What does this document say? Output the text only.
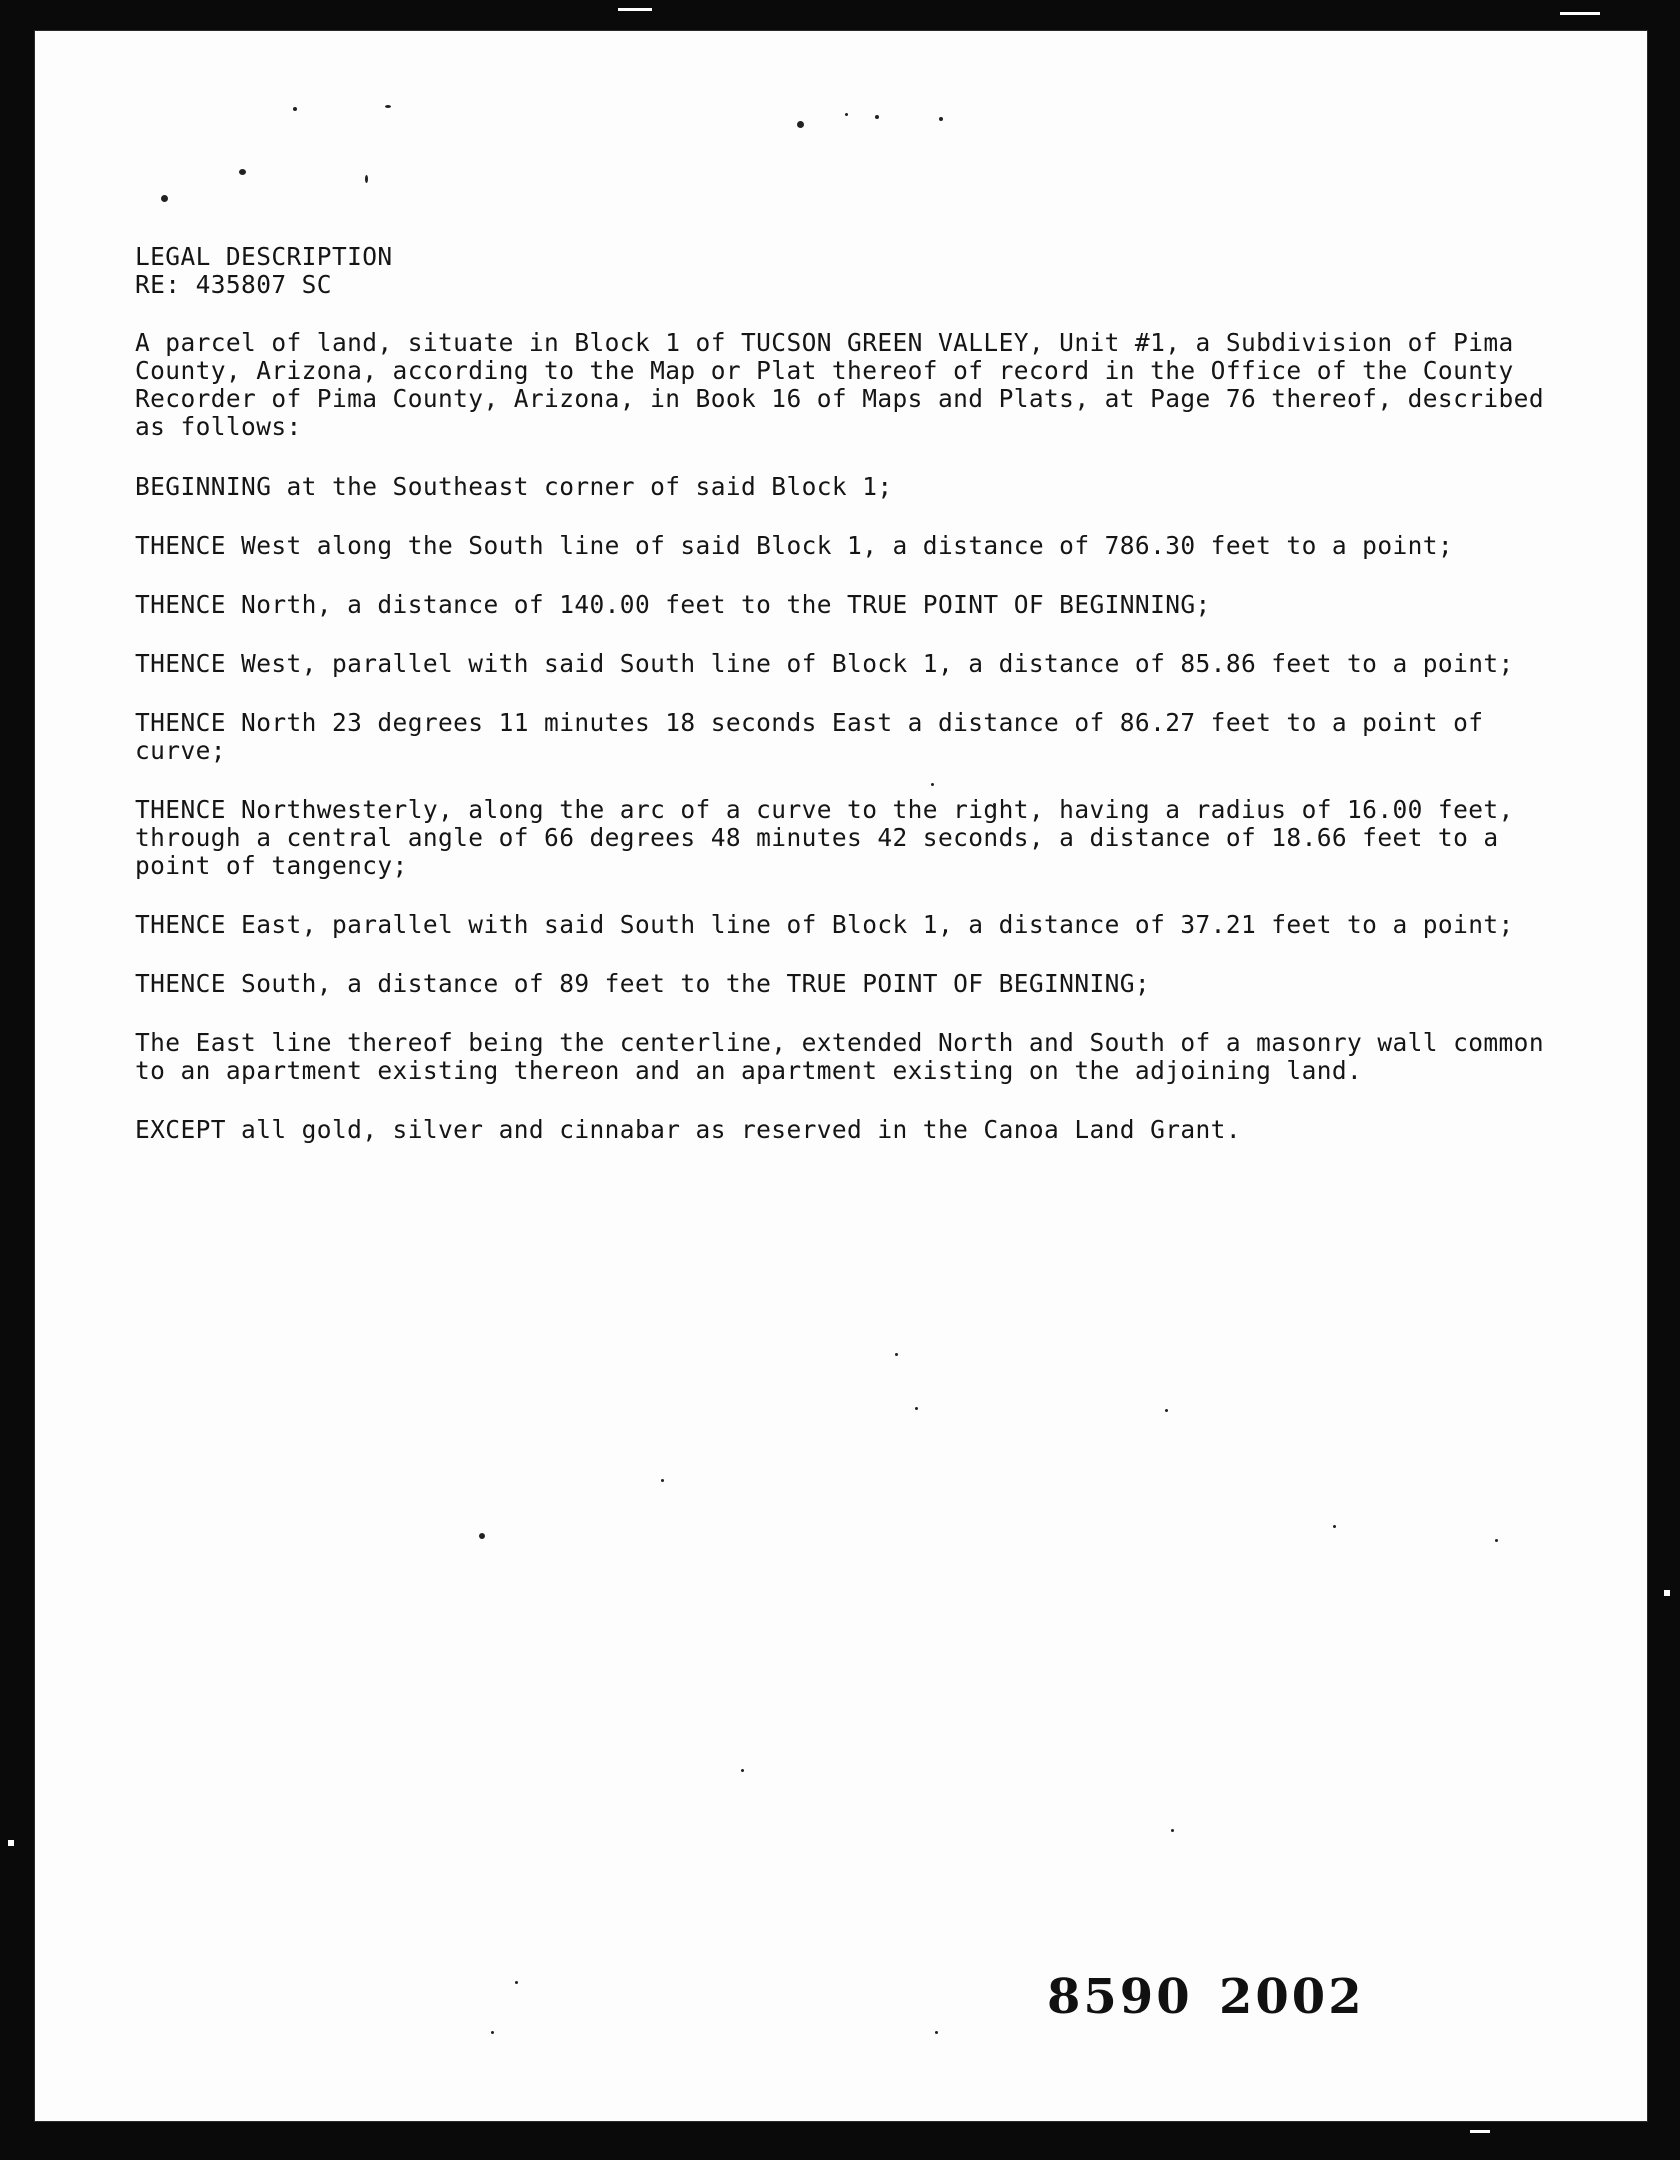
LEGAL DESCRIPTION
RE: 435807 SC

A parcel of land, situate in Block 1 of TUCSON GREEN VALLEY, Unit #1, a Subdivision of Pima County, Arizona, according to the Map or Plat thereof of record in the Office of the County Recorder of Pima County, Arizona, in Book 16 of Maps and Plats, at Page 76 thereof, described as follows:

BEGINNING at the Southeast corner of said Block 1;

THENCE West along the South line of said Block 1, a distance of 786.30 feet to a point;

THENCE North, a distance of 140.00 feet to the TRUE POINT OF BEGINNING;

THENCE West, parallel with said South line of Block 1, a distance of 85.86 feet to a point;

THENCE North 23 degrees 11 minutes 18 seconds East a distance of 86.27 feet to a point of curve;

THENCE Northwesterly, along the arc of a curve to the right, having a radius of 16.00 feet, through a central angle of 66 degrees 48 minutes 42 seconds, a distance of 18.66 feet to a point of tangency;

THENCE East, parallel with said South line of Block 1, a distance of 37.21 feet to a point;

THENCE South, a distance of 89 feet to the TRUE POINT OF BEGINNING;

The East line thereof being the centerline, extended North and South of a masonry wall common to an apartment existing thereon and an apartment existing on the adjoining land.

EXCEPT all gold, silver and cinnabar as reserved in the Canoa Land Grant.

8590 2002
